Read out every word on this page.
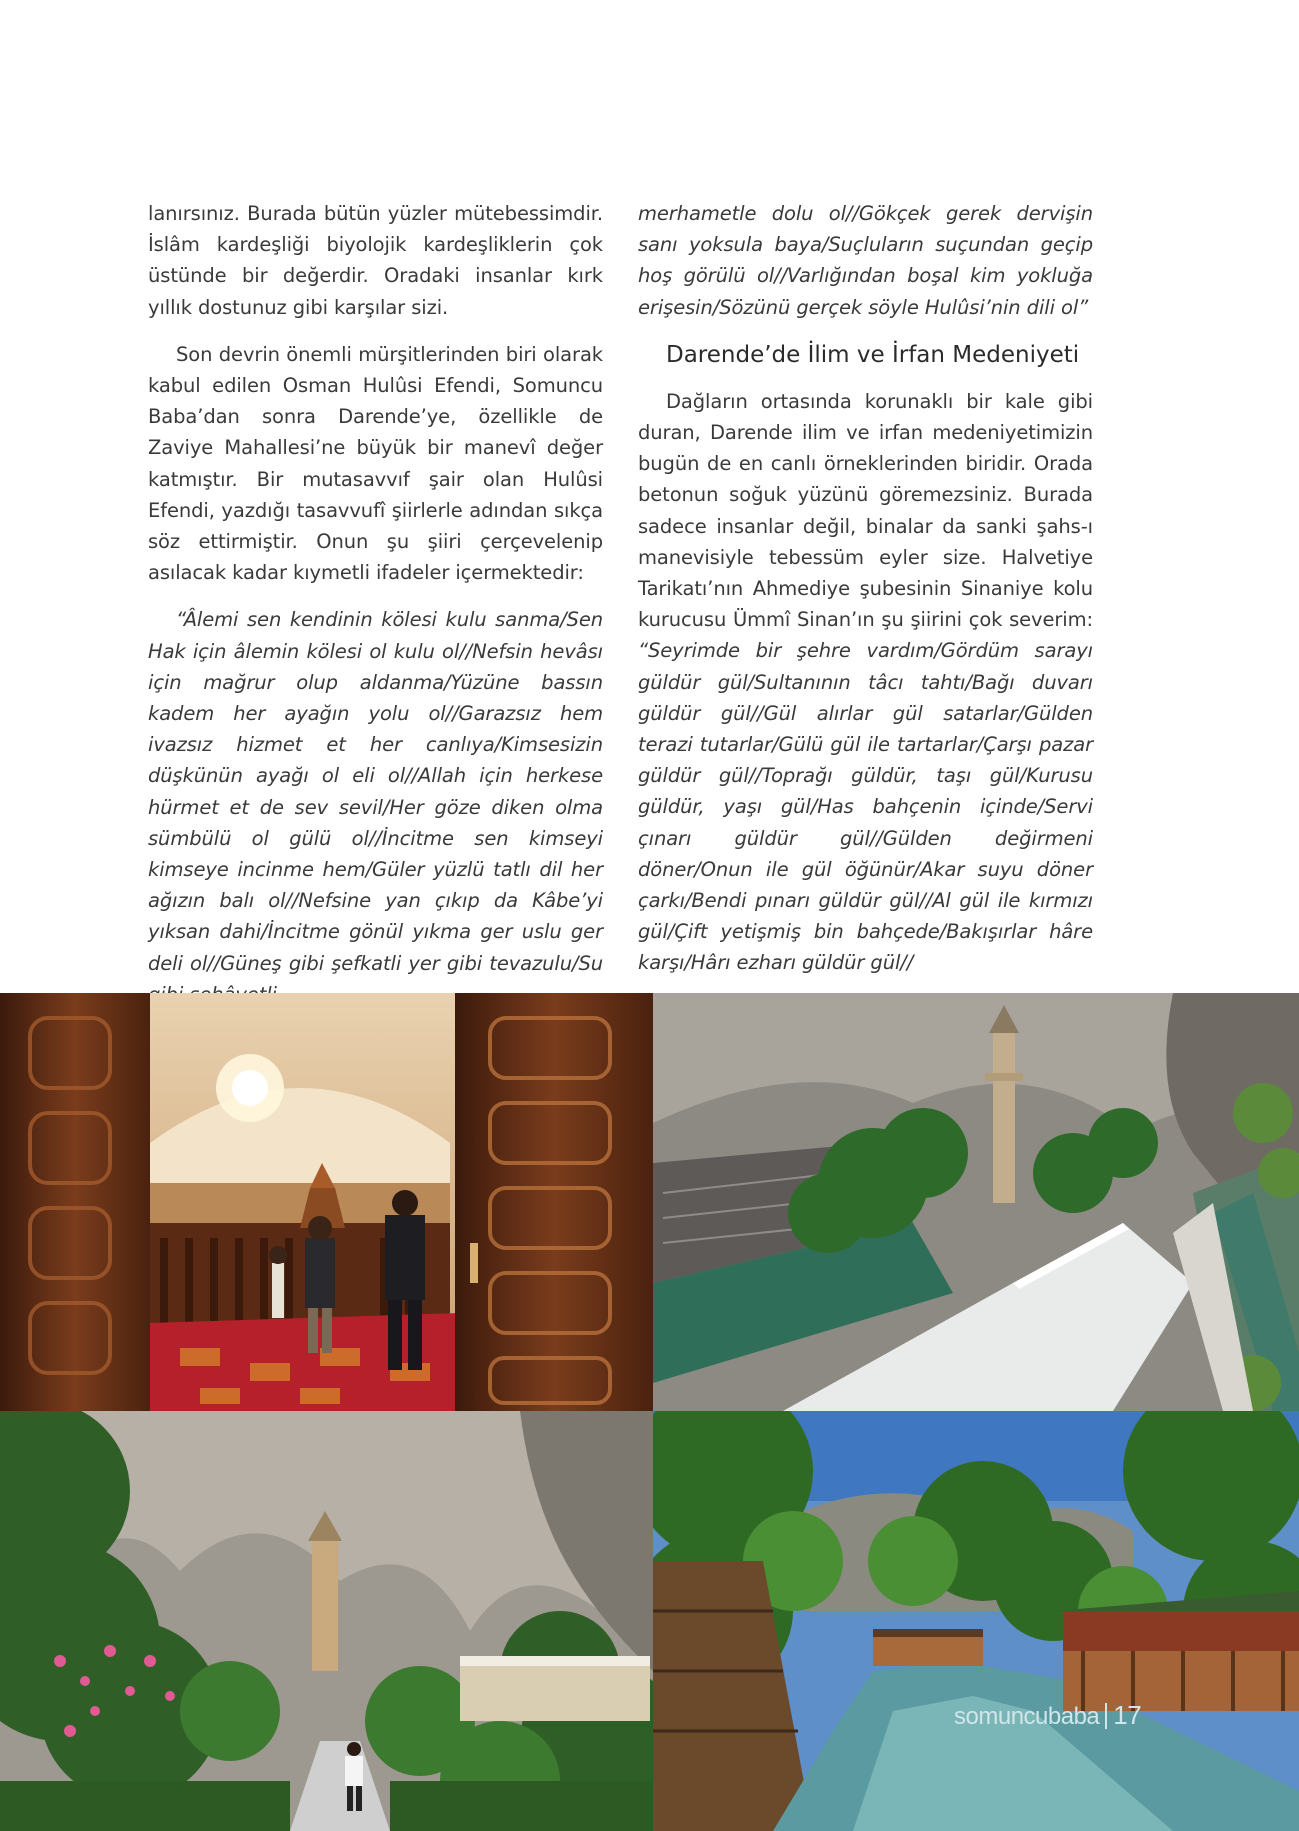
lanırsınız. Burada bütün yüzler mütebessimdir. İslâm kardeşliği biyolojik kardeşliklerin çok üstünde bir değerdir. Oradaki insanlar kırk yıllık dostunuz gibi karşılar sizi.

Son devrin önemli mürşitlerinden biri olarak kabul edilen Osman Hulûsi Efendi, Somuncu Baba’dan sonra Darende’ye, özellikle de Zaviye Mahallesi’ne büyük bir manevî değer katmıştır. Bir mutasavvıf şair olan Hulûsi Efendi, yazdığı tasavvufî şiirlerle adından sıkça söz ettirmiştir. Onun şu şiiri çerçevelenip asılacak kadar kıymetli ifadeler içermektedir:

“Âlemi sen kendinin kölesi kulu sanma/Sen Hak için âlemin kölesi ol kulu ol//Nefsin hevâsı için mağrur olup aldanma/Yüzüne bassın kadem her ayağın yolu ol//Garazsız hem ivazsız hizmet et her canlıya/Kimsesizin düşkünün ayağı ol eli ol//Allah için herkese hürmet et de sev sevil/Her göze diken olma sümbülü ol gülü ol//İncitme sen kimseyi kimseye incinme hem/Güler yüzlü tatlı dil her ağızın balı ol//Nefsine yan çıkıp da Kâbe’yi yıksan dahi/İncitme gönül yıkma ger uslu ger deli ol//Güneş gibi şefkatli yer gibi tevazulu/Su

merhametle dolu ol//Gökçek gerek dervişin sanı yoksula baya/Suçluların suçundan geçip hoş görülü ol//Varlığından boşal kim yokluğa erişesin/Sözünü gerçek söyle Hulûsi’nin dili ol”

Darende’de İlim ve İrfan Medeniyeti

Dağların ortasında korunaklı bir kale gibi duran, Darende ilim ve irfan medeniyetimizin bugün de en canlı örneklerinden biridir. Orada betonun soğuk yüzünü göremezsiniz. Burada sadece insanlar değil, binalar da sanki şahs-ı manevisiyle tebessüm eyler size. Halvetiye Tarikatı’nın Ahmediye şubesinin Sinaniye kolu kurucusu Ümmî Sinan’ın şu şiirini çok severim: “Seyrimde bir şehre vardım/Gördüm sarayı güldür gül/Sultanının tâcı tahtı/Bağı duvarı güldür gül//Gül alırlar gül satarlar/Gülden terazi tutarlar/Gülü gül ile tartarlar/Çarşı pazar güldür gül//Toprağı güldür, taşı gül/Kurusu güldür, yaşı gül/Has bahçenin içinde/Servi çınarı güldür gül//Gülden değirmeni döner/Onun ile gül öğünür/Akar suyu döner çarkı/Bendi pınarı güldür gül//Al gül ile kırmızı gül/Çift yetişmiş bin bahçede/Bakışırlar hâre karşı/Hârı ezharı güldür gül//

somuncubaba 17
